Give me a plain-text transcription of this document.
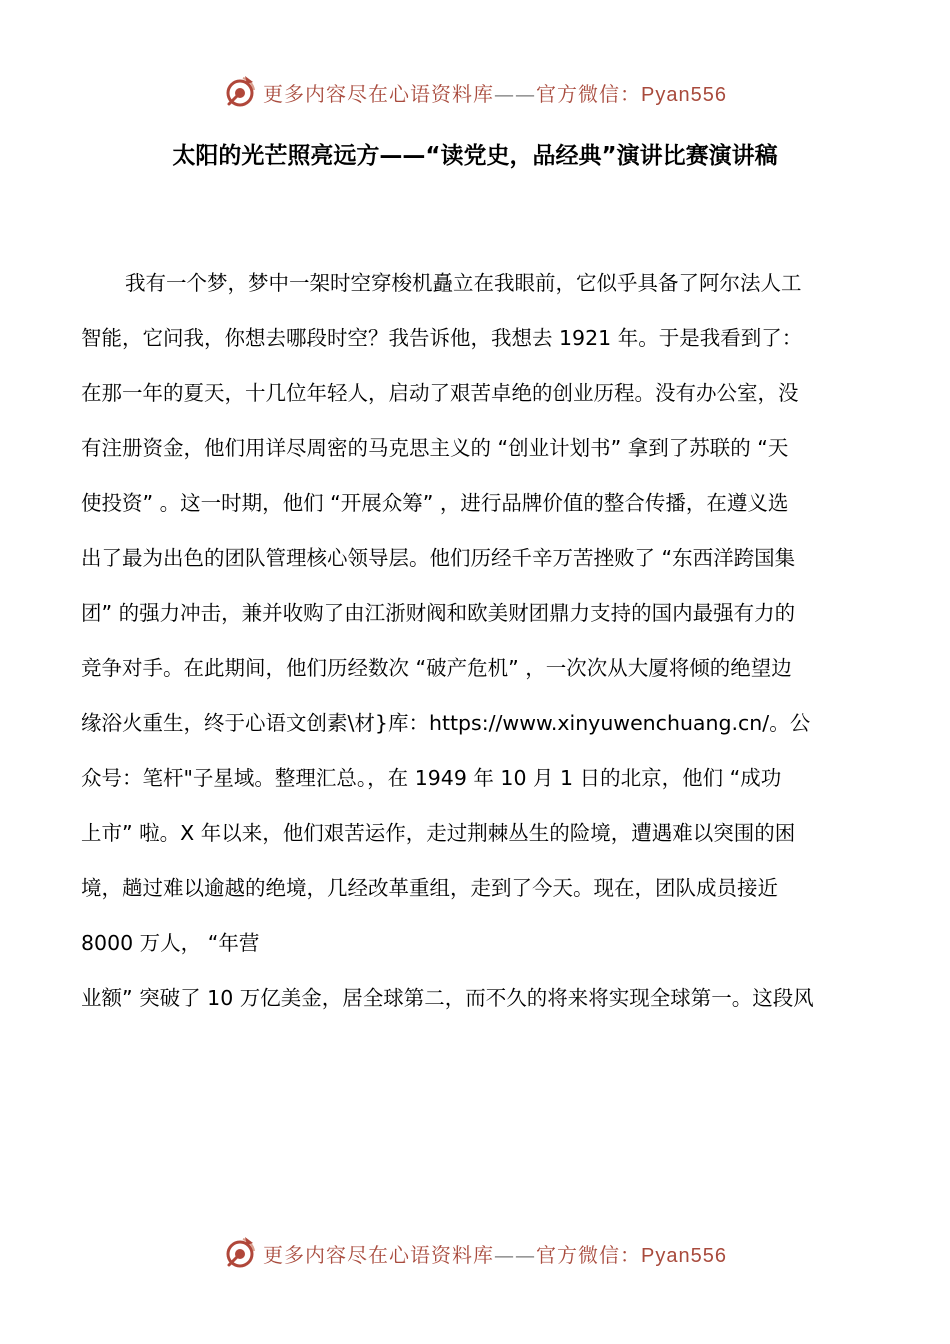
更多内容尽在心语资料库——官方微信：Pyan556
太阳的光芒照亮远方——“读党史，品经典”演讲比赛演讲稿
我有一个梦，梦中一架时空穿梭机矗立在我眼前，它似乎具备了阿尔法人工
智能，它问我，你想去哪段时空？我告诉他，我想去 1921 年。于是我看到了：
在那一年的夏天，十几位年轻人，启动了艰苦卓绝的创业历程。没有办公室，没
有注册资金，他们用详尽周密的马克思主义的 “创业计划书” 拿到了苏联的 “天
使投资” 。这一时期，他们 “开展众筹” ，进行品牌价值的整合传播，在遵义选
出了最为出色的团队管理核心领导层。他们历经千辛万苦挫败了 “东西洋跨国集
团” 的强力冲击，兼并收购了由江浙财阀和欧美财团鼎力支持的国内最强有力的
竞争对手。在此期间，他们历经数次 “破产危机” ，一次次从大厦将倾的绝望边
缘浴火重生，终于心语文创素\材}库：https://www.xinyuwenchuang.cn/。公
众号：笔杆"子星域。整理汇总。，在 1949 年 10 月 1 日的北京，他们 “成功
上市” 啦。X 年以来，他们艰苦运作，走过荆棘丛生的险境，遭遇难以突围的困
境，趟过难以逾越的绝境，几经改革重组，走到了今天。现在，团队成员接近
8000 万人， “年营
业额” 突破了 10 万亿美金，居全球第二，而不久的将来将实现全球第一。这段风
更多内容尽在心语资料库——官方微信：Pyan556
